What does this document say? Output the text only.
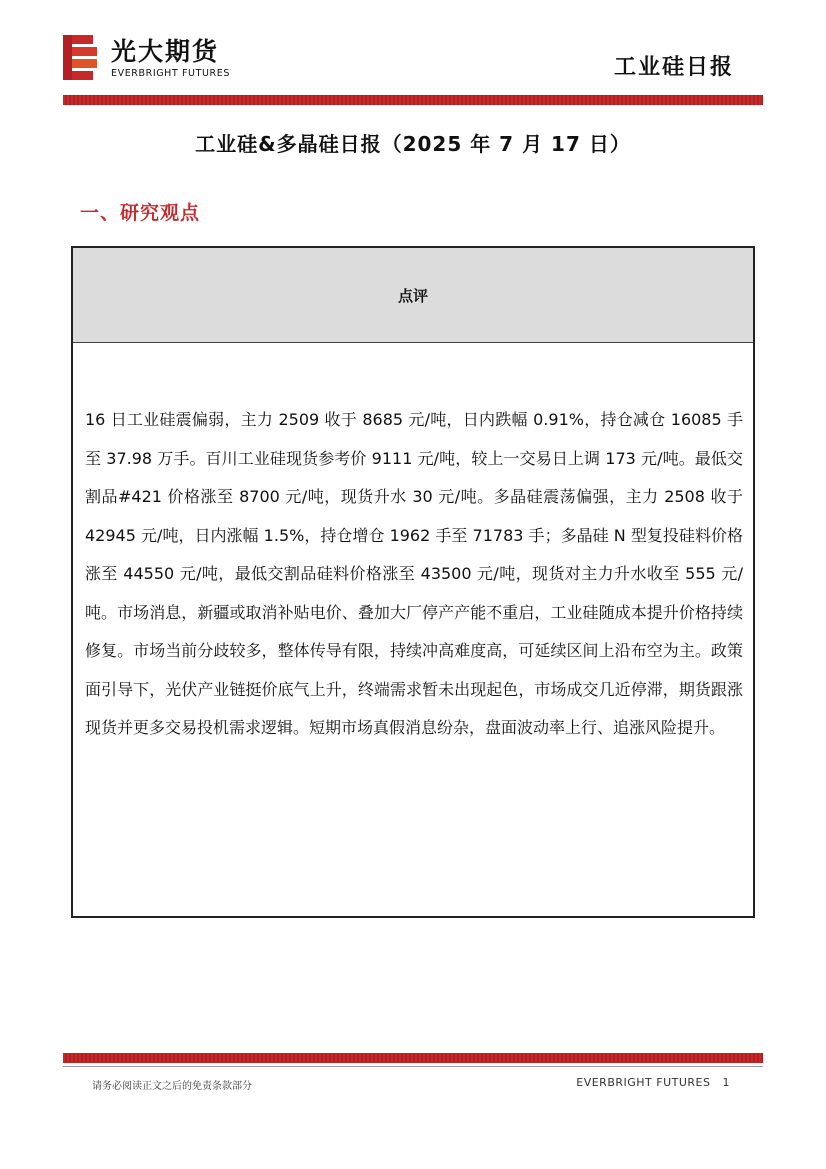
光大期货
EVERBRIGHT FUTURES	工业硅日报
工业硅&多晶硅日报（2025 年 7 月 17 日）
一、研究观点
点评
16 日工业硅震偏弱，主力 2509 收于 8685 元/吨，日内跌幅 0.91%，持仓减仓 16085 手至 37.98 万手。百川工业硅现货参考价 9111 元/吨，较上一交易日上调 173 元/吨。最低交割品#421 价格涨至 8700 元/吨，现货升水 30 元/吨。多晶硅震荡偏强，主力 2508 收于 42945 元/吨，日内涨幅 1.5%，持仓增仓 1962 手至 71783 手；多晶硅 N 型复投硅料价格涨至 44550 元/吨，最低交割品硅料价格涨至 43500 元/吨，现货对主力升水收至 555 元/吨。市场消息，新疆或取消补贴电价、叠加大厂停产产能不重启，工业硅随成本提升价格持续修复。市场当前分歧较多，整体传导有限，持续冲高难度高，可延续区间上沿布空为主。政策面引导下，光伏产业链挺价底气上升，终端需求暂未出现起色，市场成交几近停滞，期货跟涨现货并更多交易投机需求逻辑。短期市场真假消息纷杂，盘面波动率上行、追涨风险提升。
请务必阅读正文之后的免责条款部分	EVERBRIGHT FUTURES 1
